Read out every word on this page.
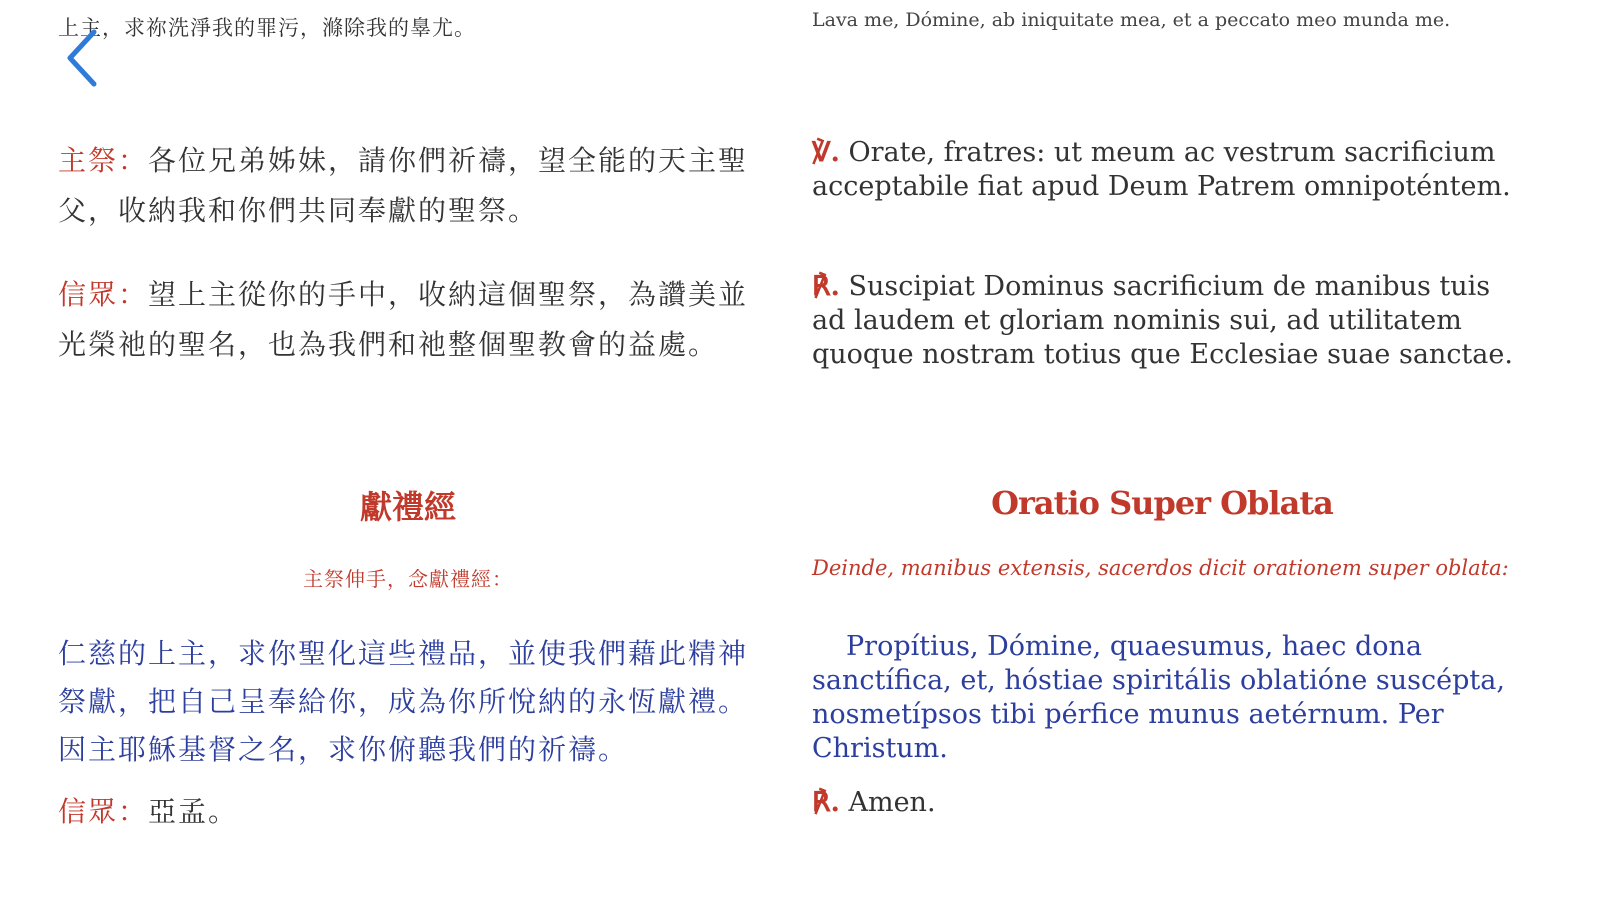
上主，求祢洗淨我的罪污，滌除我的辠尤。

主祭：各位兄弟姊妹，請你們祈禱，望全能的天主聖父，收納我和你們共同奉獻的聖祭。

信眾：望上主從你的手中，收納這個聖祭，為讚美並光榮祂的聖名，也為我們和祂整個聖教會的益處。

獻禮經

主祭伸手，念獻禮經：

仁慈的上主，求你聖化這些禮品，並使我們藉此精神祭獻，把自己呈奉給你，成為你所悅納的永恆獻禮。因主耶穌基督之名，求你俯聽我們的祈禱。

信眾：亞孟。

Lava me, Dómine, ab iniquitate mea, et a peccato meo munda me.

℣. Orate, fratres: ut meum ac vestrum sacrificium acceptabile fiat apud Deum Patrem omnipoténtem.

℟. Suscipiat Dominus sacrificium de manibus tuis ad laudem et gloriam nominis sui, ad utilitatem quoque nostram totius que Ecclesiae suae sanctae.

Oratio Super Oblata

Deinde, manibus extensis, sacerdos dicit orationem super oblata:

Propítius, Dómine, quaesumus, haec dona sanctífica, et, hóstiae spiritális oblatióne suscépta, nosmetípsos tibi pérfice munus aetérnum. Per Christum.

℟. Amen.
